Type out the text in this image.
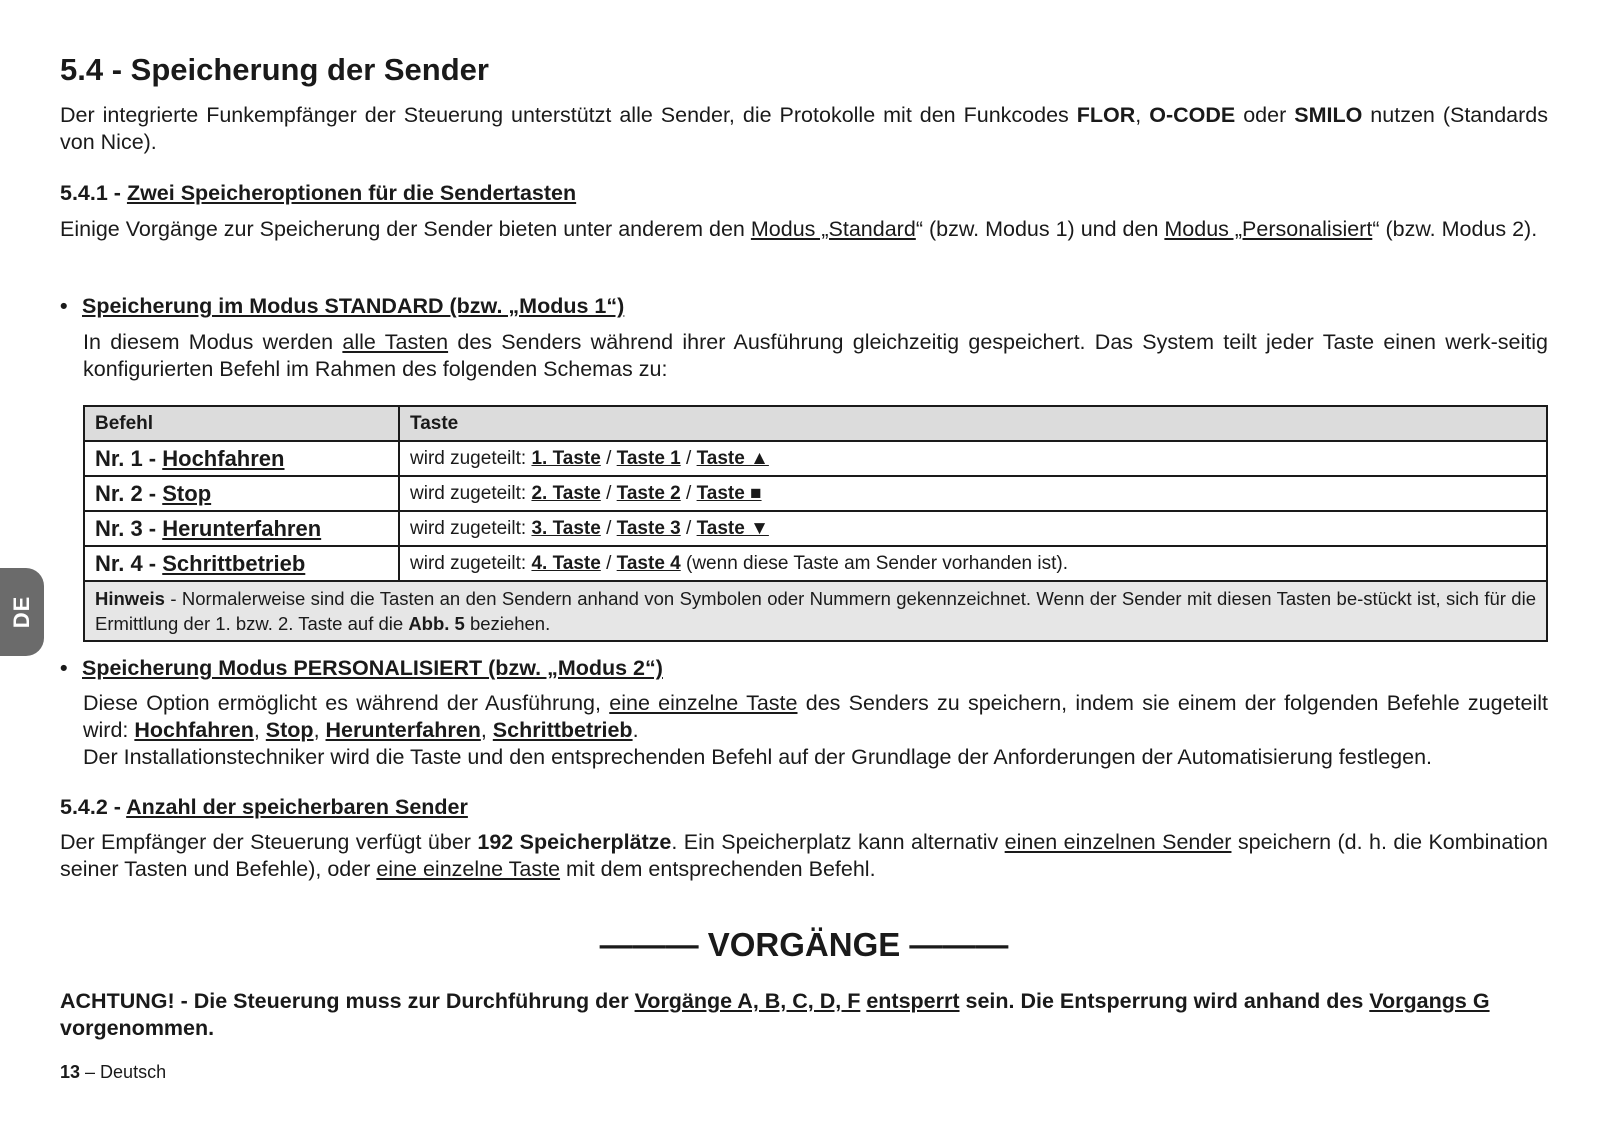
DE
5.4 - Speicherung der Sender

Der integrierte Funkempfänger der Steuerung unterstützt alle Sender, die Protokolle mit den Funkcodes FLOR, O-CODE oder SMILO nutzen (Standards von Nice).

5.4.1 - Zwei Speicheroptionen für die Sendertasten

Einige Vorgänge zur Speicherung der Sender bieten unter anderem den Modus „Standard“ (bzw. Modus 1) und den Modus „Personalisiert“ (bzw. Modus 2).

• Speicherung im Modus STANDARD (bzw. „Modus 1“)

In diesem Modus werden alle Tasten des Senders während ihrer Ausführung gleichzeitig gespeichert. Das System teilt jeder Taste einen werk-seitig konfigurierten Befehl im Rahmen des folgenden Schemas zu:

Befehl	Taste
Nr. 1 - Hochfahren	wird zugeteilt: 1. Taste / Taste 1 / Taste ▲
Nr. 2 - Stop	wird zugeteilt: 2. Taste / Taste 2 / Taste ■
Nr. 3 - Herunterfahren	wird zugeteilt: 3. Taste / Taste 3 / Taste ▼
Nr. 4 - Schrittbetrieb	wird zugeteilt: 4. Taste / Taste 4 (wenn diese Taste am Sender vorhanden ist).
Hinweis - Normalerweise sind die Tasten an den Sendern anhand von Symbolen oder Nummern gekennzeichnet. Wenn der Sender mit diesen Tasten be-stückt ist, sich für die Ermittlung der 1. bzw. 2. Taste auf die Abb. 5 beziehen.	
• Speicherung Modus PERSONALISIERT (bzw. „Modus 2“)

Diese Option ermöglicht es während der Ausführung, eine einzelne Taste des Senders zu speichern, indem sie einem der folgenden Befehle zugeteilt wird: Hochfahren, Stop, Herunterfahren, Schrittbetrieb.
Der Installationstechniker wird die Taste und den entsprechenden Befehl auf der Grundlage der Anforderungen der Automatisierung festlegen.

5.4.2 - Anzahl der speicherbaren Sender

Der Empfänger der Steuerung verfügt über 192 Speicherplätze. Ein Speicherplatz kann alternativ einen einzelnen Sender speichern (d. h. die Kombination seiner Tasten und Befehle), oder eine einzelne Taste mit dem entsprechenden Befehl.

——— VORGÄNGE ———
ACHTUNG! - Die Steuerung muss zur Durchführung der Vorgänge A, B, C, D, F entsperrt sein. Die Entsperrung wird anhand des Vorgangs G vorgenommen.
13 – Deutsch
